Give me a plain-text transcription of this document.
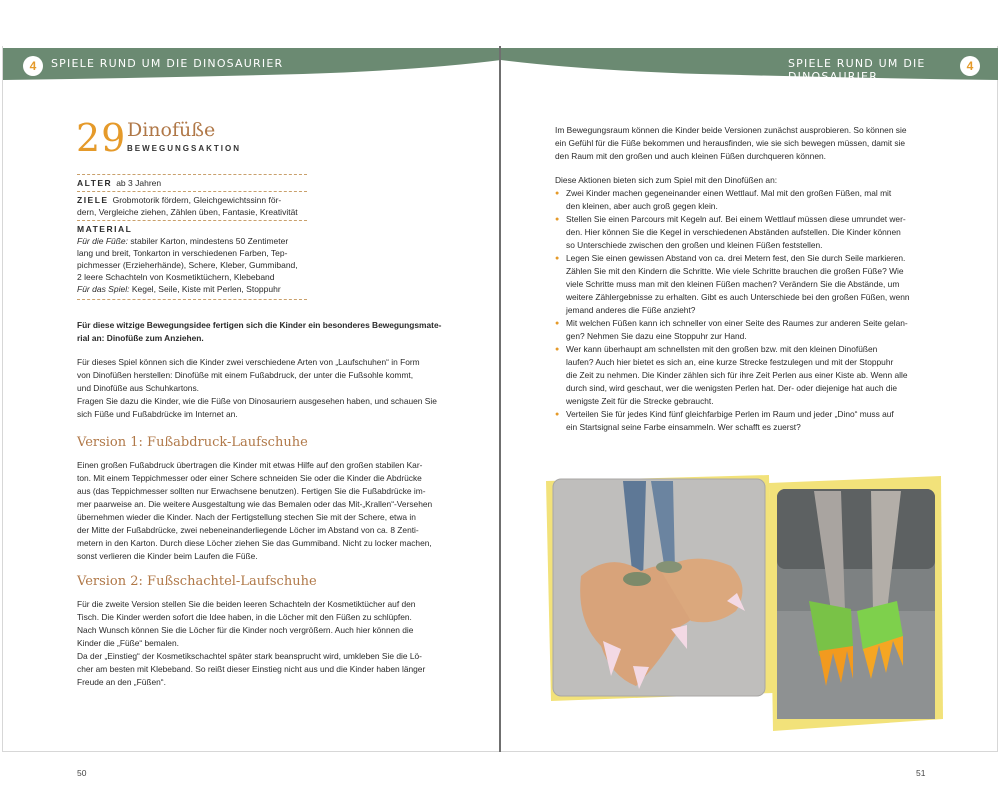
4	SPIELE RUND UM DIE DINOSAURIER
29 Dinofüße
BEWEGUNGSAKTION
ALTER ab 3 Jahren
ZIELE Grobmotorik fördern, Gleichgewichtssinn för-
dern, Vergleiche ziehen, Zählen üben, Fantasie, Kreativität
MATERIAL
Für die Füße: stabiler Karton, mindestens 50 Zentimeter
lang und breit, Tonkarton in verschiedenen Farben, Tep-
pichmesser (Erzieherhände), Schere, Kleber, Gummiband,
2 leere Schachteln von Kosmetiktüchern, Klebeband
Für das Spiel: Kegel, Seile, Kiste mit Perlen, Stoppuhr
Für diese witzige Bewegungsidee fertigen sich die Kinder ein besonderes Bewegungsmate-
rial an: Dinofüße zum Anziehen.
Für dieses Spiel können sich die Kinder zwei verschiedene Arten von „Laufschuhen“ in Form
von Dinofüßen herstellen: Dinofüße mit einem Fußabdruck, der unter die Fußsohle kommt,
und Dinofüße aus Schuhkartons.
Fragen Sie dazu die Kinder, wie die Füße von Dinosauriern ausgesehen haben, und schauen Sie
sich Füße und Fußabdrücke im Internet an.
Version 1: Fußabdruck-Laufschuhe
Einen großen Fußabdruck übertragen die Kinder mit etwas Hilfe auf den großen stabilen Kar-
ton. Mit einem Teppichmesser oder einer Schere schneiden Sie oder die Kinder die Abdrücke
aus (das Teppichmesser sollten nur Erwachsene benutzen). Fertigen Sie die Fußabdrücke im-
mer paarweise an. Die weitere Ausgestaltung wie das Bemalen oder das Mit-„Krallen“-Versehen
übernehmen wieder die Kinder. Nach der Fertigstellung stechen Sie mit der Schere, etwa in
der Mitte der Fußabdrücke, zwei nebeneinanderliegende Löcher im Abstand von ca. 8 Zenti-
metern in den Karton. Durch diese Löcher ziehen Sie das Gummiband. Nicht zu locker machen,
sonst verlieren die Kinder beim Laufen die Füße.
Version 2: Fußschachtel-Laufschuhe
Für die zweite Version stellen Sie die beiden leeren Schachteln der Kosmetiktücher auf den
Tisch. Die Kinder werden sofort die Idee haben, in die Löcher mit den Füßen zu schlüpfen.
Nach Wunsch können Sie die Löcher für die Kinder noch vergrößern. Auch hier können die
Kinder die „Füße“ bemalen.
Da der „Einstieg“ der Kosmetikschachtel später stark beansprucht wird, umkleben Sie die Lö-
cher am besten mit Klebeband. So reißt dieser Einstieg nicht aus und die Kinder haben länger
Freude an den „Füßen“.
50
SPIELE RUND UM DIE DINOSAURIER
4
Im Bewegungsraum können die Kinder beide Versionen zunächst ausprobieren. So können sie
ein Gefühl für die Füße bekommen und herausfinden, wie sie sich bewegen müssen, damit sie
den Raum mit den großen und auch kleinen Füßen durchqueren können.
Diese Aktionen bieten sich zum Spiel mit den Dinofüßen an:
● Zwei Kinder machen gegeneinander einen Wettlauf. Mal mit den großen Füßen, mal mit
den kleinen, aber auch groß gegen klein.
● Stellen Sie einen Parcours mit Kegeln auf. Bei einem Wettlauf müssen diese umrundet wer-
den. Hier können Sie die Kegel in verschiedenen Abständen aufstellen. Die Kinder können
so Unterschiede zwischen den großen und kleinen Füßen feststellen.
● Legen Sie einen gewissen Abstand von ca. drei Metern fest, den Sie durch Seile markieren.
Zählen Sie mit den Kindern die Schritte. Wie viele Schritte brauchen die großen Füße? Wie
viele Schritte muss man mit den kleinen Füßen machen? Verändern Sie die Abstände, um
weitere Zählergebnisse zu erhalten. Gibt es auch Unterschiede bei den großen Füßen, wenn
jemand anderes die Füße anzieht?
● Mit welchen Füßen kann ich schneller von einer Seite des Raumes zur anderen Seite gelan-
gen? Nehmen Sie dazu eine Stoppuhr zur Hand.
● Wer kann überhaupt am schnellsten mit den großen bzw. mit den kleinen Dinofüßen
laufen? Auch hier bietet es sich an, eine kurze Strecke festzulegen und mit der Stoppuhr
die Zeit zu nehmen. Die Kinder zählen sich für ihre Zeit Perlen aus einer Kiste ab. Wenn alle
durch sind, wird geschaut, wer die wenigsten Perlen hat. Der- oder diejenige hat auch die
wenigste Zeit für die Strecke gebraucht.
● Verteilen Sie für jedes Kind fünf gleichfarbige Perlen im Raum und jeder „Dino“ muss auf
ein Startsignal seine Farbe einsammeln. Wer schafft es zuerst?
51
